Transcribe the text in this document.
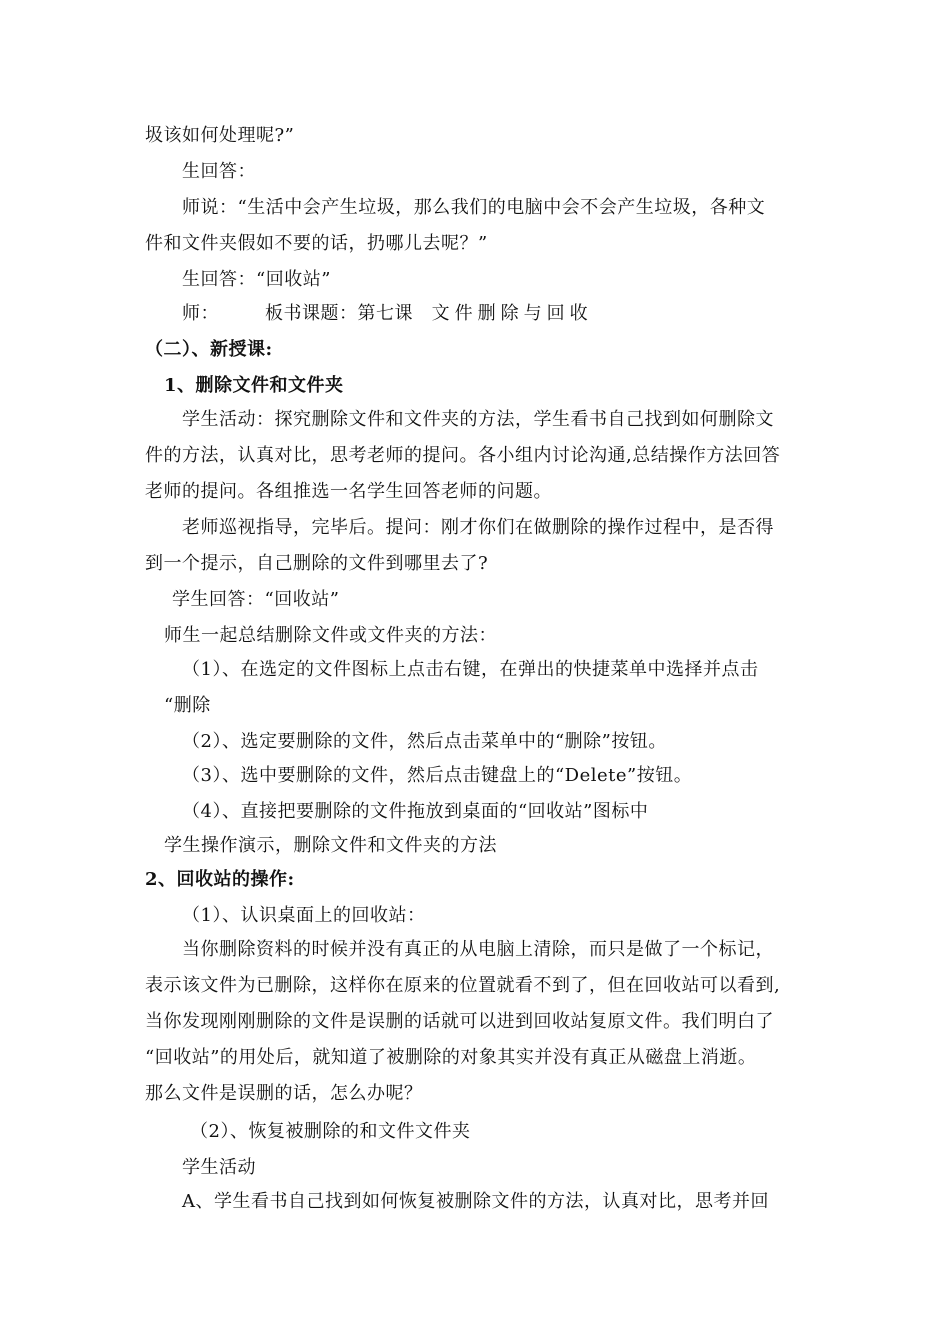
圾该如何处理呢?”
生回答：
师说：“生活中会产生垃圾，那么我们的电脑中会不会产生垃圾，各种文
件和文件夹假如不要的话，扔哪儿去呢？”
生回答：“回收站”
师：	板书课题：第七课 文件删除与回收
（二）、新授课:
1、删除文件和文件夹
学生活动：探究删除文件和文件夹的方法，学生看书自己找到如何删除文
件的方法，认真对比，思考老师的提问。各小组内讨论沟通,总结操作方法回答
老师的提问。各组推选一名学生回答老师的问题。
老师巡视指导，完毕后。提问：刚才你们在做删除的操作过程中，是否得
到一个提示，自己删除的文件到哪里去了?
学生回答：“回收站”
师生一起总结删除文件或文件夹的方法：
（1）、在选定的文件图标上点击右键，在弹出的快捷菜单中选择并点击
“删除
（2）、选定要删除的文件，然后点击菜单中的“删除”按钮。
（3）、选中要删除的文件，然后点击键盘上的“Delete”按钮。
（4）、直接把要删除的文件拖放到桌面的“回收站”图标中
学生操作演示，删除文件和文件夹的方法
2、回收站的操作:
（1）、认识桌面上的回收站：
当你删除资料的时候并没有真正的从电脑上清除，而只是做了一个标记，
表示该文件为已删除，这样你在原来的位置就看不到了，但在回收站可以看到,
当你发现刚刚删除的文件是误删的话就可以进到回收站复原文件。我们明白了
“回收站”的用处后，就知道了被删除的对象其实并没有真正从磁盘上消逝。
那么文件是误删的话，怎么办呢？
（2）、恢复被删除的和文件文件夹
学生活动
A、学生看书自己找到如何恢复被删除文件的方法，认真对比，思考并回
